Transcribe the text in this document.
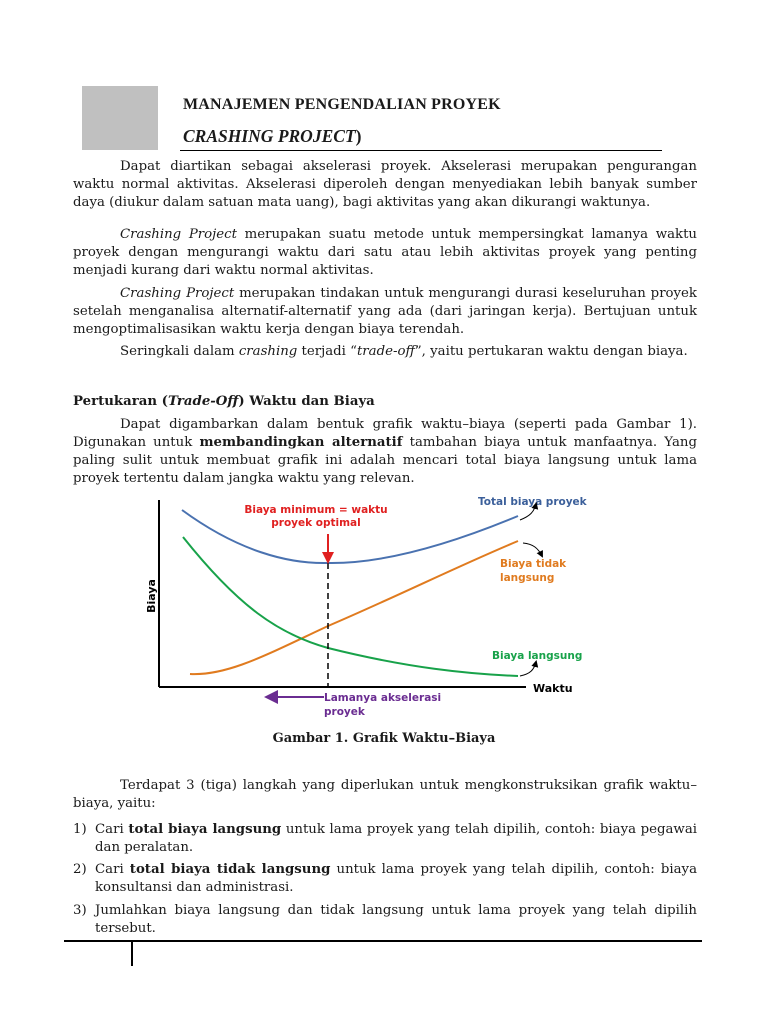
MANAJEMEN PENGENDALIAN PROYEK
CRASHING PROJECT)

Dapat diartikan sebagai akselerasi proyek. Akselerasi merupakan pengurangan waktu normal aktivitas. Akselerasi diperoleh dengan menyediakan lebih banyak sumber daya (diukur dalam satuan mata uang), bagi aktivitas yang akan dikurangi waktunya.

Crashing Project merupakan suatu metode untuk mempersingkat lamanya waktu proyek dengan mengurangi waktu dari satu atau lebih aktivitas proyek yang penting menjadi kurang dari waktu normal aktivitas.

Crashing Project merupakan tindakan untuk mengurangi durasi keseluruhan proyek setelah menganalisa alternatif-alternatif yang ada (dari jaringan kerja). Bertujuan untuk mengoptimalisasikan waktu kerja dengan biaya terendah.

Seringkali dalam crashing terjadi “trade-off”, yaitu pertukaran waktu dengan biaya.

Pertukaran (Trade-Off) Waktu dan Biaya

Dapat digambarkan dalam bentuk grafik waktu–biaya (seperti pada Gambar 1). Digunakan untuk membandingkan alternatif tambahan biaya untuk manfaatnya. Yang paling sulit untuk membuat grafik ini adalah mencari total biaya langsung untuk lama proyek tertentu dalam jangka waktu yang relevan.

Biaya
Waktu
Biaya minimum = waktu
proyek optimal
Lamanya akselerasi
proyek
Total biaya proyek
Biaya tidak
langsung
Biaya langsung
Gambar 1. Grafik Waktu–Biaya

Terdapat 3 (tiga) langkah yang diperlukan untuk mengkonstruksikan grafik waktu–biaya, yaitu:

1) Cari total biaya langsung untuk lama proyek yang telah dipilih, contoh: biaya pegawai dan peralatan.
2) Cari total biaya tidak langsung untuk lama proyek yang telah dipilih, contoh: biaya konsultansi dan administrasi.
3) Jumlahkan biaya langsung dan tidak langsung untuk lama proyek yang telah dipilih tersebut.
